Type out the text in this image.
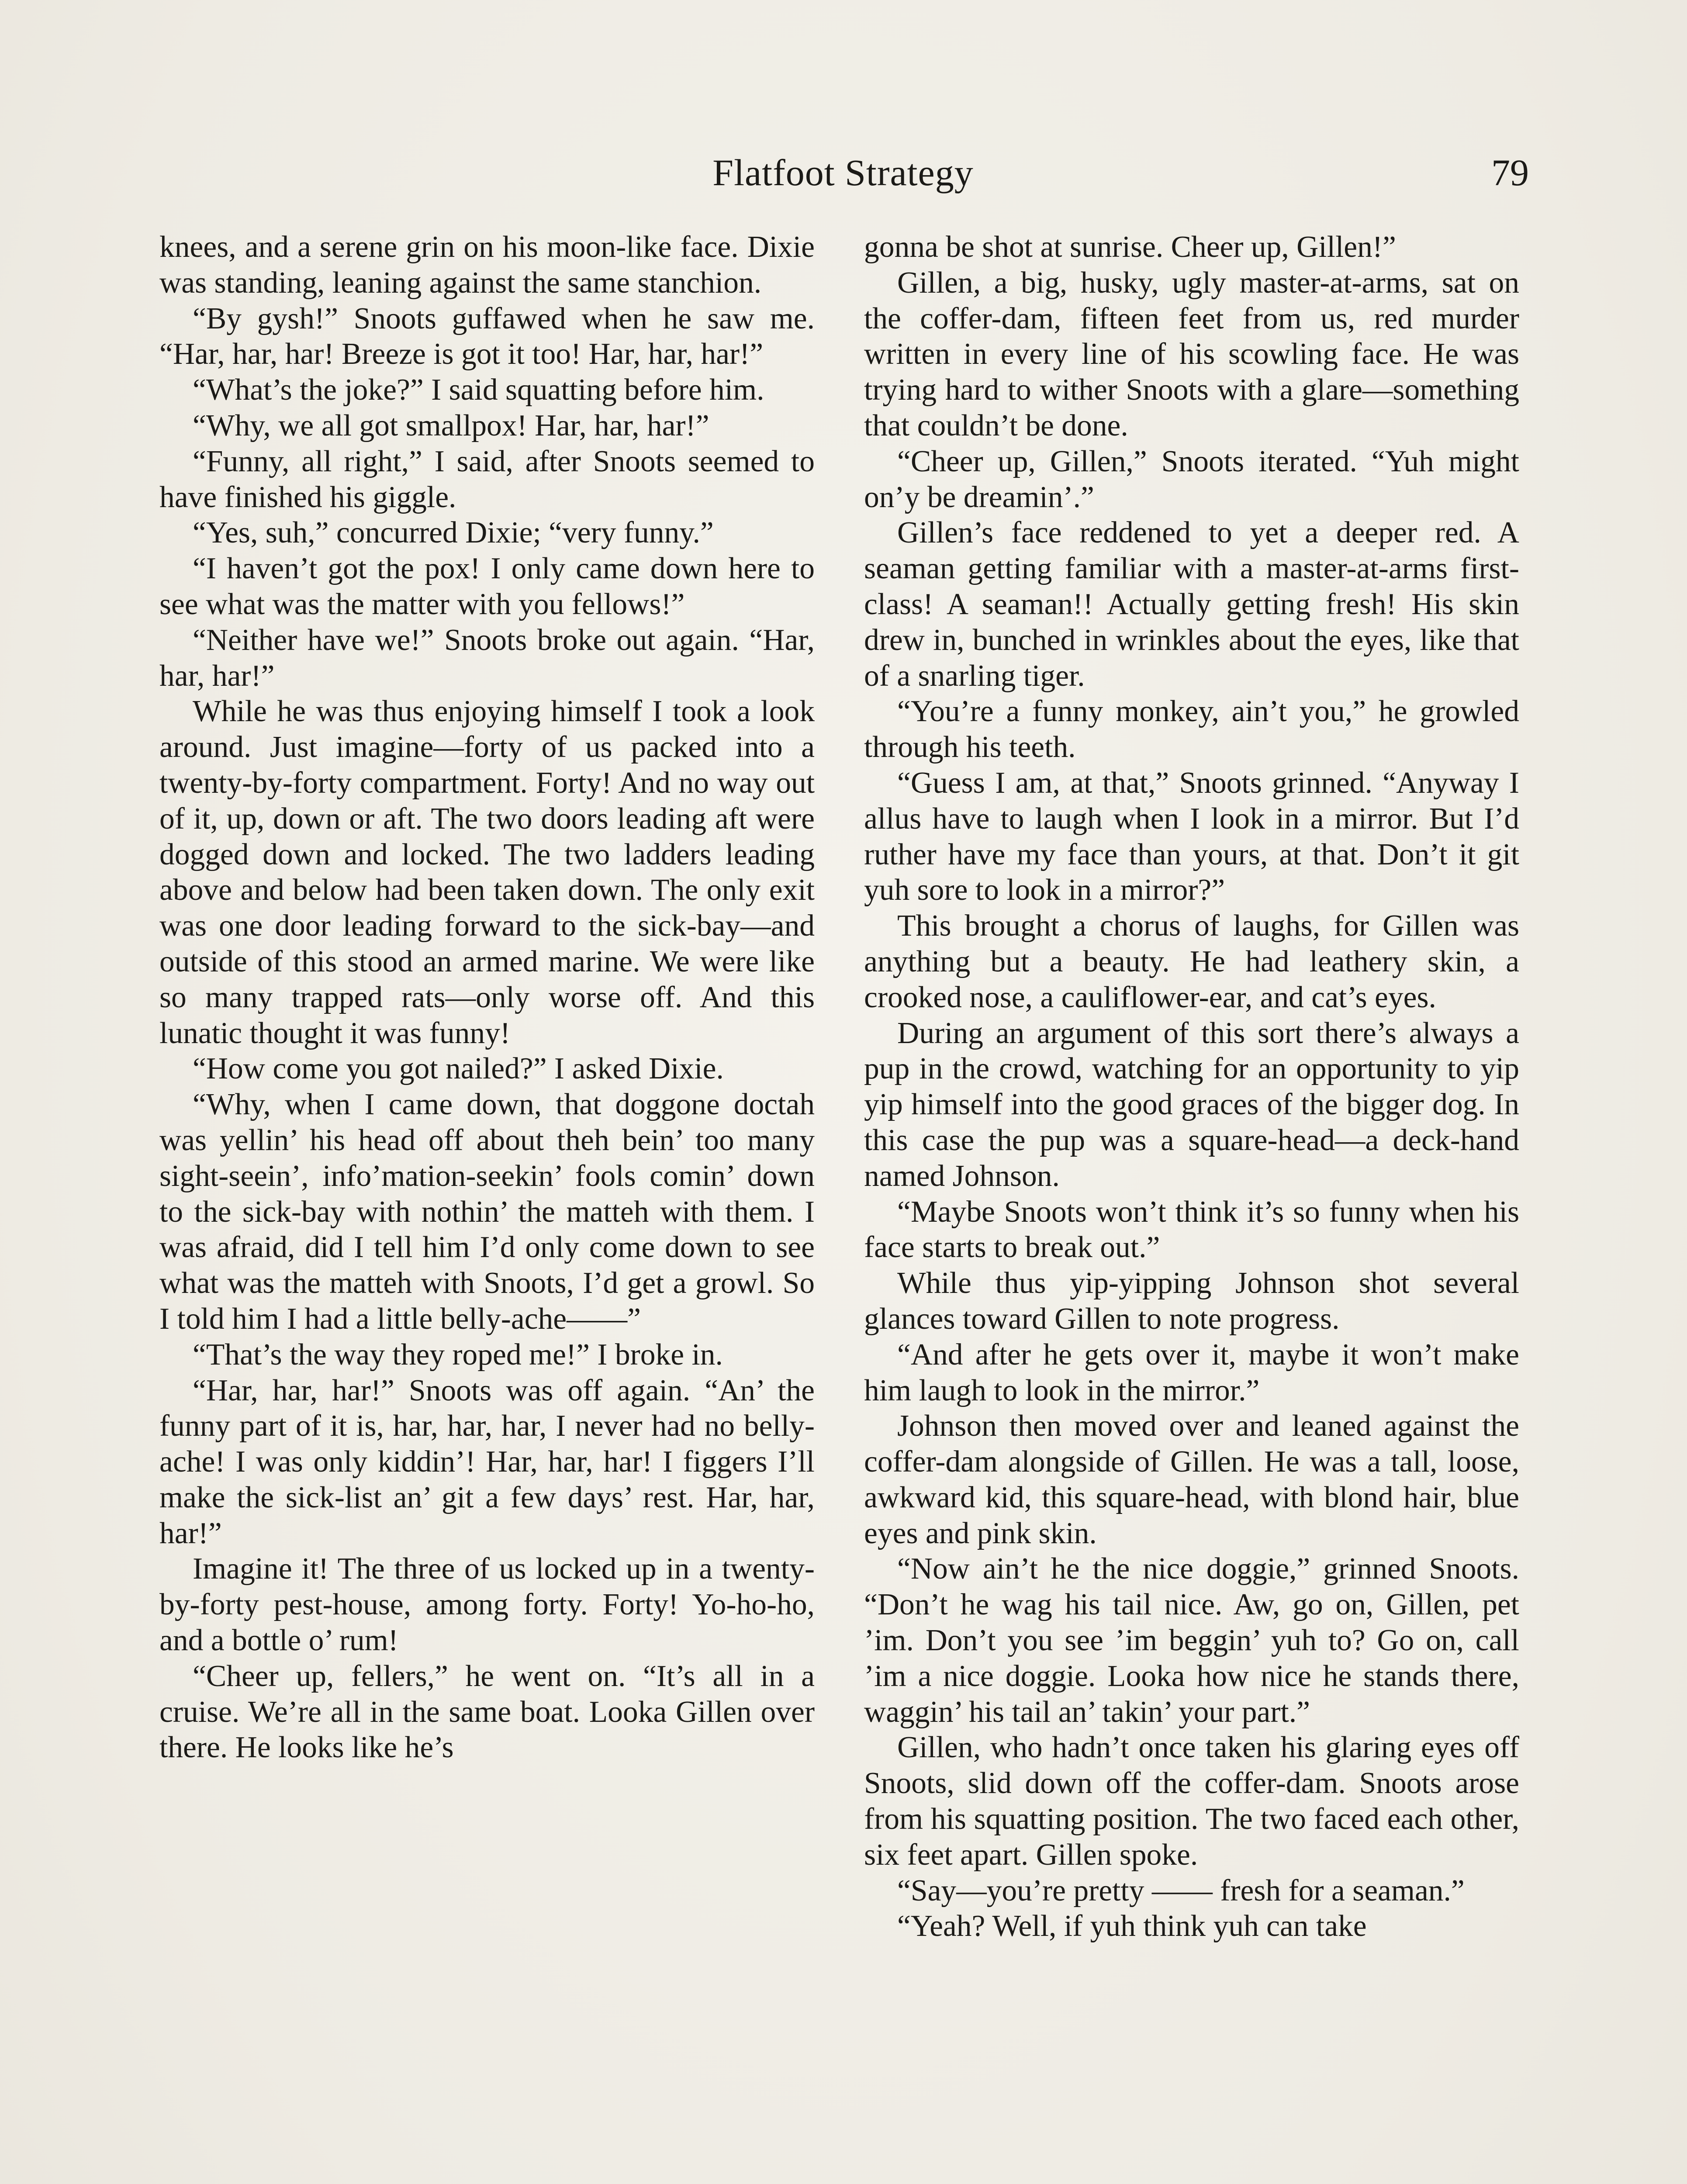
Flatfoot Strategy	79

knees, and a serene grin on his moon-like face. Dixie was standing, leaning against the same stanchion.

“By gysh!” Snoots guffawed when he saw me. “Har, har, har! Breeze is got it too! Har, har, har!”

“What’s the joke?” I said squatting before him.

“Why, we all got smallpox! Har, har, har!”

“Funny, all right,” I said, after Snoots seemed to have finished his giggle.

“Yes, suh,” concurred Dixie; “very funny.”

“I haven’t got the pox! I only came down here to see what was the matter with you fellows!”

“Neither have we!” Snoots broke out again. “Har, har, har!”

While he was thus enjoying himself I took a look around. Just imagine—forty of us packed into a twenty-by-forty compartment. Forty! And no way out of it, up, down or aft. The two doors leading aft were dogged down and locked. The two ladders leading above and below had been taken down. The only exit was one door leading forward to the sick-bay—and outside of this stood an armed marine. We were like so many trapped rats—only worse off. And this lunatic thought it was funny!

“How come you got nailed?” I asked Dixie.

“Why, when I came down, that doggone doctah was yellin’ his head off about theh bein’ too many sight-seein’, info’mation-seekin’ fools comin’ down to the sick-bay with nothin’ the matteh with them. I was afraid, did I tell him I’d only come down to see what was the matteh with Snoots, I’d get a growl. So I told him I had a little belly-ache——”

“That’s the way they roped me!” I broke in.

“Har, har, har!” Snoots was off again. “An’ the funny part of it is, har, har, har, I never had no belly-ache! I was only kiddin’! Har, har, har! I figgers I’ll make the sick-list an’ git a few days’ rest. Har, har, har!”

Imagine it! The three of us locked up in a twenty-by-forty pest-house, among forty. Forty! Yo-ho-ho, and a bottle o’ rum!

“Cheer up, fellers,” he went on. “It’s all in a cruise. We’re all in the same boat. Looka Gillen over there. He looks like he’s

gonna be shot at sunrise. Cheer up, Gillen!”

Gillen, a big, husky, ugly master-at-arms, sat on the coffer-dam, fifteen feet from us, red murder written in every line of his scowling face. He was trying hard to wither Snoots with a glare—something that couldn’t be done.

“Cheer up, Gillen,” Snoots iterated. “Yuh might on’y be dreamin’.”

Gillen’s face reddened to yet a deeper red. A seaman getting familiar with a master-at-arms first-class! A seaman!! Actually getting fresh! His skin drew in, bunched in wrinkles about the eyes, like that of a snarling tiger.

“You’re a funny monkey, ain’t you,” he growled through his teeth.

“Guess I am, at that,” Snoots grinned. “Anyway I allus have to laugh when I look in a mirror. But I’d ruther have my face than yours, at that. Don’t it git yuh sore to look in a mirror?”

This brought a chorus of laughs, for Gillen was anything but a beauty. He had leathery skin, a crooked nose, a cauliflower-ear, and cat’s eyes.

During an argument of this sort there’s always a pup in the crowd, watching for an opportunity to yip yip himself into the good graces of the bigger dog. In this case the pup was a square-head—a deck-hand named Johnson.

“Maybe Snoots won’t think it’s so funny when his face starts to break out.”

While thus yip-yipping Johnson shot several glances toward Gillen to note progress.

“And after he gets over it, maybe it won’t make him laugh to look in the mirror.”

Johnson then moved over and leaned against the coffer-dam alongside of Gillen. He was a tall, loose, awkward kid, this square-head, with blond hair, blue eyes and pink skin.

“Now ain’t he the nice doggie,” grinned Snoots. “Don’t he wag his tail nice. Aw, go on, Gillen, pet ’im. Don’t you see ’im beggin’ yuh to? Go on, call ’im a nice doggie. Looka how nice he stands there, waggin’ his tail an’ takin’ your part.”

Gillen, who hadn’t once taken his glaring eyes off Snoots, slid down off the coffer-dam. Snoots arose from his squatting position. The two faced each other, six feet apart. Gillen spoke.

“Say—you’re pretty —— fresh for a seaman.”

“Yeah? Well, if yuh think yuh can take
